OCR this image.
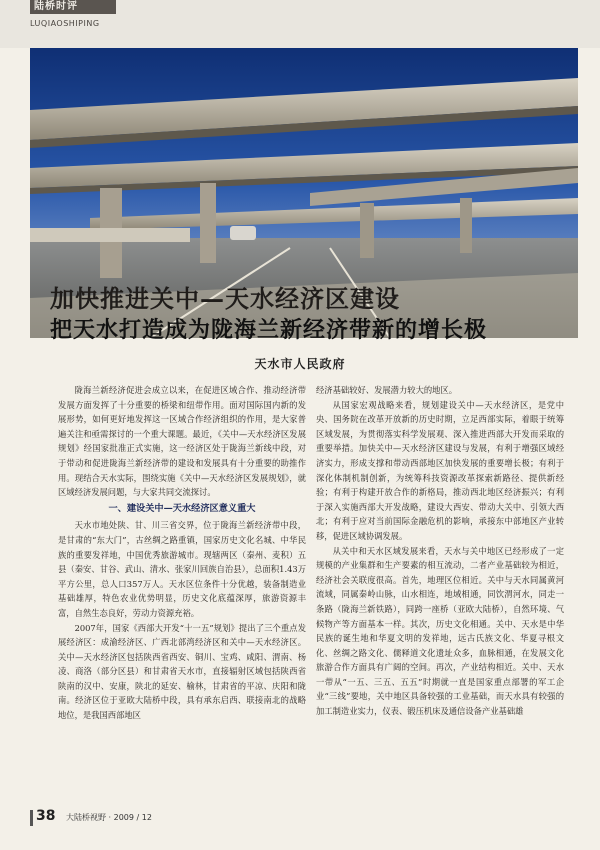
陆桥时评
LUQIAOSHIPING
加快推进关中—天水经济区建设
把天水打造成为陇海兰新经济带新的增长极
天水市人民政府

陇海兰新经济促进会成立以来，在促进区域合作、推动经济带发展方面发挥了十分重要的桥梁和纽带作用。面对国际国内新的发展形势，如何更好地发挥这一区域合作经济组织的作用，是大家普遍关注和亟需探讨的一个重大课题。最近，《关中—天水经济区发展规划》经国家批准正式实施，这一经济区处于陇海兰新线中段，对于带动和促进陇海兰新经济带的建设和发展具有十分重要的助推作用。现结合天水实际，围绕实施《关中—天水经济区发展规划》，就区域经济发展问题，与大家共同交流探讨。

一、建设关中—天水经济区意义重大

天水市地处陕、甘、川三省交界，位于陇海兰新经济带中段，是甘肃的“东大门”，古丝绸之路重镇，国家历史文化名城、中华民族的重要发祥地，中国优秀旅游城市。现辖两区（秦州、麦积）五县（秦安、甘谷、武山、清水、张家川回族自治县），总面积1.43万平方公里，总人口357万人。天水区位条件十分优越，装备制造业基础雄厚，特色农业优势明显，历史文化底蕴深厚，旅游资源丰富，自然生态良好，劳动力资源充裕。

2007年，国家《西部大开发“十一五”规划》提出了三个重点发展经济区：成渝经济区、广西北部湾经济区和关中—天水经济区。关中—天水经济区包括陕西省西安、铜川、宝鸡、咸阳、渭南、杨凌、商洛（部分区县）和甘肃省天水市，直接辐射区域包括陕西省陕南的汉中、安康，陕北的延安、榆林，甘肃省的平凉、庆阳和陇南。经济区位于亚欧大陆桥中段，具有承东启西、联接南北的战略地位，是我国西部地区

经济基础较好、发展潜力较大的地区。

从国家宏观战略来看，规划建设关中—天水经济区，是党中央、国务院在改革开放新的历史时期，立足西部实际，着眼于统筹区域发展，为贯彻落实科学发展观、深入推进西部大开发而采取的重要举措。加快关中—天水经济区建设与发展，有利于增强区域经济实力，形成支撑和带动西部地区加快发展的重要增长极；有利于深化体制机制创新，为统筹科技资源改革探索新路径、提供新经验；有利于构建开放合作的新格局，推动西北地区经济振兴；有利于深入实施西部大开发战略，建设大西安、带动大关中、引领大西北；有利于应对当前国际金融危机的影响，承接东中部地区产业转移，促进区域协调发展。

从关中和天水区域发展来看，天水与关中地区已经形成了一定规模的产业集群和生产要素的相互流动，二者产业基础较为相近，经济社会关联度很高。首先，地理区位相近。关中与天水同属黄河流域，同属秦岭山脉，山水相连，地域相通，同饮渭河水，同走一条路（陇海兰新铁路），同跨一座桥（亚欧大陆桥），自然环境、气候物产等方面基本一样。其次，历史文化相通。关中、天水是中华民族的诞生地和华夏文明的发祥地，远古氏族文化、华夏寻根文化、丝绸之路文化、儒释道文化遗址众多，血脉相通，在发展文化旅游合作方面具有广阔的空间。再次，产业结构相近。关中、天水一带从“一五、三五、五五”时期就一直是国家重点部署的军工企业“三线”要地，关中地区具备较强的工业基础，而天水具有较强的加工制造业实力，仪表、锻压机床及通信设备产业基础雄

38 大陆桥视野 · 2009 / 12
